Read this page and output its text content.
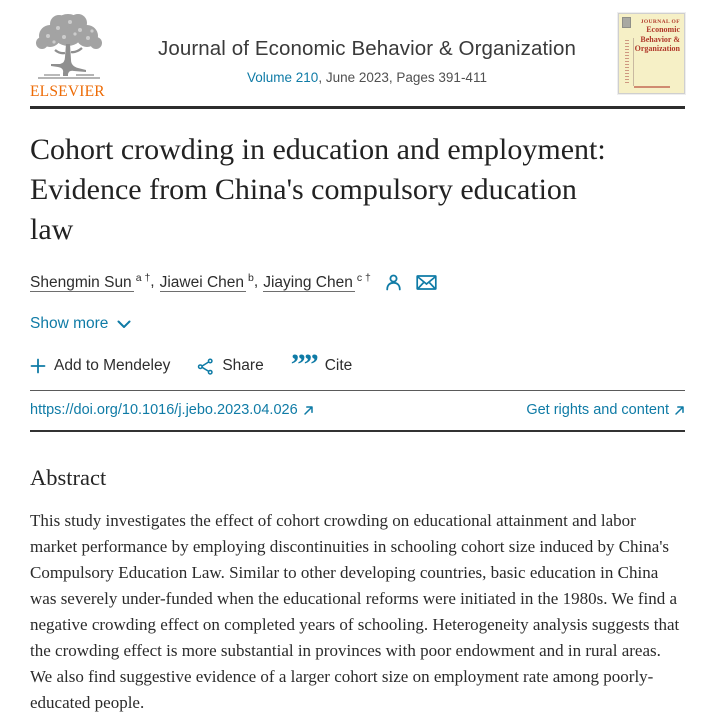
ELSEVIER
Journal of Economic Behavior & Organization
Volume 210, June 2023, Pages 391-411
JOURNAL OF
Economic
Behavior &
Organization
Cohort crowding in education and employment: Evidence from China's compulsory education law
Shengmin Sun $^{a \dagger}$ , Jiawei Chen $^b$ , Jiaying Chen $^{c \dagger}$
Show more
Add to Mendeley	Share ”” Cite
https://doi.org/10.1016/j.jebo.2023.04.026	Get rights and content
Abstract

This study investigates the effect of cohort crowding on educational attainment and labor market performance by employing discontinuities in schooling cohort size induced by China's Compulsory Education Law. Similar to other developing countries, basic education in China was severely under-funded when the educational reforms were initiated in the 1980s. We find a negative crowding effect on completed years of schooling. Heterogeneity analysis suggests that the crowding effect is more substantial in provinces with poor endowment and in rural areas. We also find suggestive evidence of a larger cohort size on employment rate among poorly-educated people.
